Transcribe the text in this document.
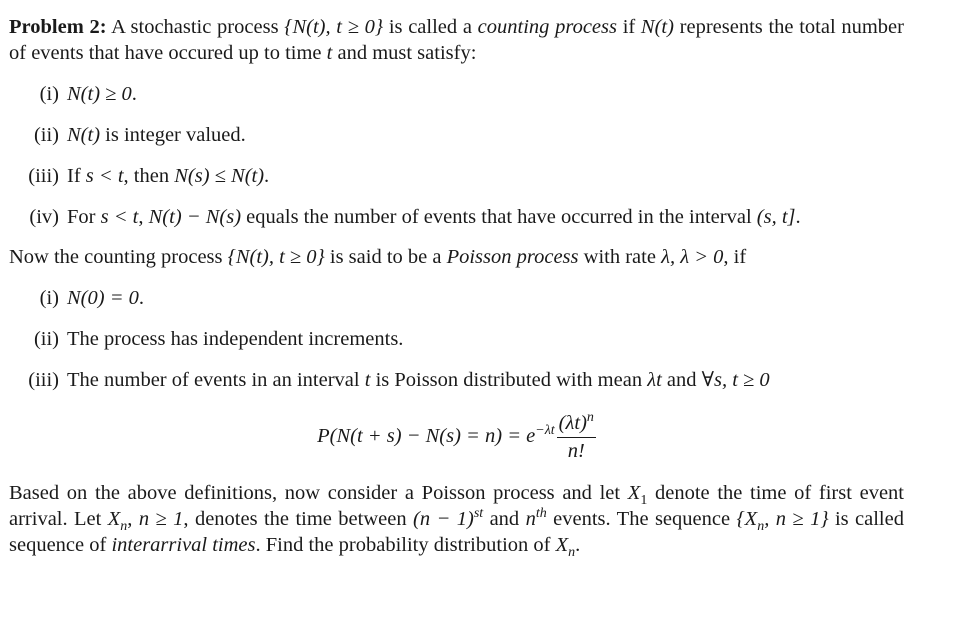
Problem 2: A stochastic process {N(t), t ≥ 0} is called a counting process if N(t) represents the total number of events that have occured up to time t and must satisfy:

(i) N(t) ≥ 0.
(ii) N(t) is integer valued.
(iii) If s < t, then N(s) ≤ N(t).
(iv) For s < t, N(t) − N(s) equals the number of events that have occurred in the interval (s, t].

Now the counting process {N(t), t ≥ 0} is said to be a Poisson process with rate λ, λ > 0, if

(i) N(0) = 0.
(ii) The process has independent increments.
(iii) The number of events in an interval t is Poisson distributed with mean λt and ∀s, t ≥ 0
$P(N(t + s) - N(s) = n) = e^{-\lambda t} \frac{(\lambda t)^n}{n!}$

Based on the above definitions, now consider a Poisson process and let $X_1$ denote the time of first event arrival. Let $X_n$, n ≥ 1, denotes the time between $(n - 1)^{st}$ and $n^{th}$ events. The sequence {$X_n$, n ≥ 1} is called sequence of interarrival times. Find the probability distribution of $X_n$.
